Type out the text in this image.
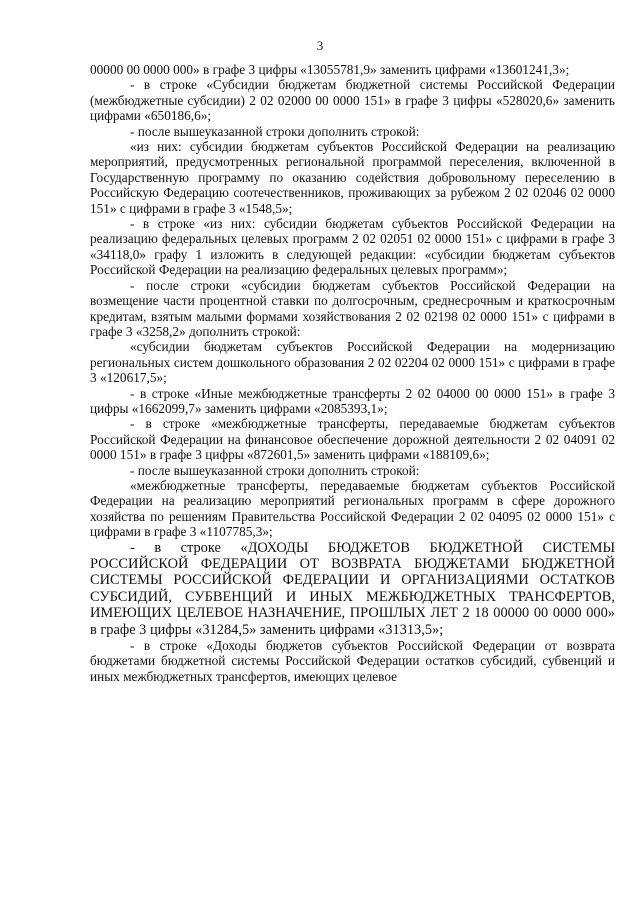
3

00000 00 0000 000» в графе 3 цифры «13055781,9» заменить цифрами «13601241,3»;

- в строке «Субсидии бюджетам бюджетной системы Российской Федерации (межбюджетные субсидии) 2 02 02000 00 0000 151» в графе 3 цифры «528020,6» заменить цифрами «650186,6»;

- после вышеуказанной строки дополнить строкой:

«из них: субсидии бюджетам субъектов Российской Федерации на реализацию мероприятий, предусмотренных региональной программой переселения, включенной в Государственную программу по оказанию содействия добровольному переселению в Российскую Федерацию соотечественников, проживающих за рубежом 2 02 02046 02 0000 151» с цифрами в графе 3 «1548,5»;

- в строке «из них: субсидии бюджетам субъектов Российской Федерации на реализацию федеральных целевых программ 2 02 02051 02 0000 151» с цифрами в графе 3 «34118,0» графу 1 изложить в следующей редакции: «субсидии бюджетам субъектов Российской Федерации на реализацию федеральных целевых программ»;

- после строки «субсидии бюджетам субъектов Российской Федерации на возмещение части процентной ставки по долгосрочным, среднесрочным и краткосрочным кредитам, взятым малыми формами хозяйствования 2 02 02198 02 0000 151» с цифрами в графе 3 «3258,2» дополнить строкой:

«субсидии бюджетам субъектов Российской Федерации на модернизацию региональных систем дошкольного образования 2 02 02204 02 0000 151» с цифрами в графе 3 «120617,5»;

- в строке «Иные межбюджетные трансферты 2 02 04000 00 0000 151» в графе 3 цифры «1662099,7» заменить цифрами «2085393,1»;

- в строке «межбюджетные трансферты, передаваемые бюджетам субъектов Российской Федерации на финансовое обеспечение дорожной деятельности 2 02 04091 02 0000 151» в графе 3 цифры «872601,5» заменить цифрами «188109,6»;

- после вышеуказанной строки дополнить строкой:

«межбюджетные трансферты, передаваемые бюджетам субъектов Российской Федерации на реализацию мероприятий региональных программ в сфере дорожного хозяйства по решениям Правительства Российской Федерации 2 02 04095 02 0000 151» с цифрами в графе 3 «1107785,3»;

- в строке «ДОХОДЫ БЮДЖЕТОВ БЮДЖЕТНОЙ СИСТЕМЫ РОССИЙСКОЙ ФЕДЕРАЦИИ ОТ ВОЗВРАТА БЮДЖЕТАМИ БЮДЖЕТНОЙ СИСТЕМЫ РОССИЙСКОЙ ФЕДЕРАЦИИ И ОРГАНИЗАЦИЯМИ ОСТАТКОВ СУБСИДИЙ, СУБВЕНЦИЙ И ИНЫХ МЕЖБЮДЖЕТНЫХ ТРАНСФЕРТОВ, ИМЕЮЩИХ ЦЕЛЕВОЕ НАЗНАЧЕНИЕ, ПРОШЛЫХ ЛЕТ 2 18 00000 00 0000 000» в графе 3 цифры «31284,5» заменить цифрами «31313,5»;

- в строке «Доходы бюджетов субъектов Российской Федерации от возврата бюджетами бюджетной системы Российской Федерации остатков субсидий, субвенций и иных межбюджетных трансфертов, имеющих целевое
